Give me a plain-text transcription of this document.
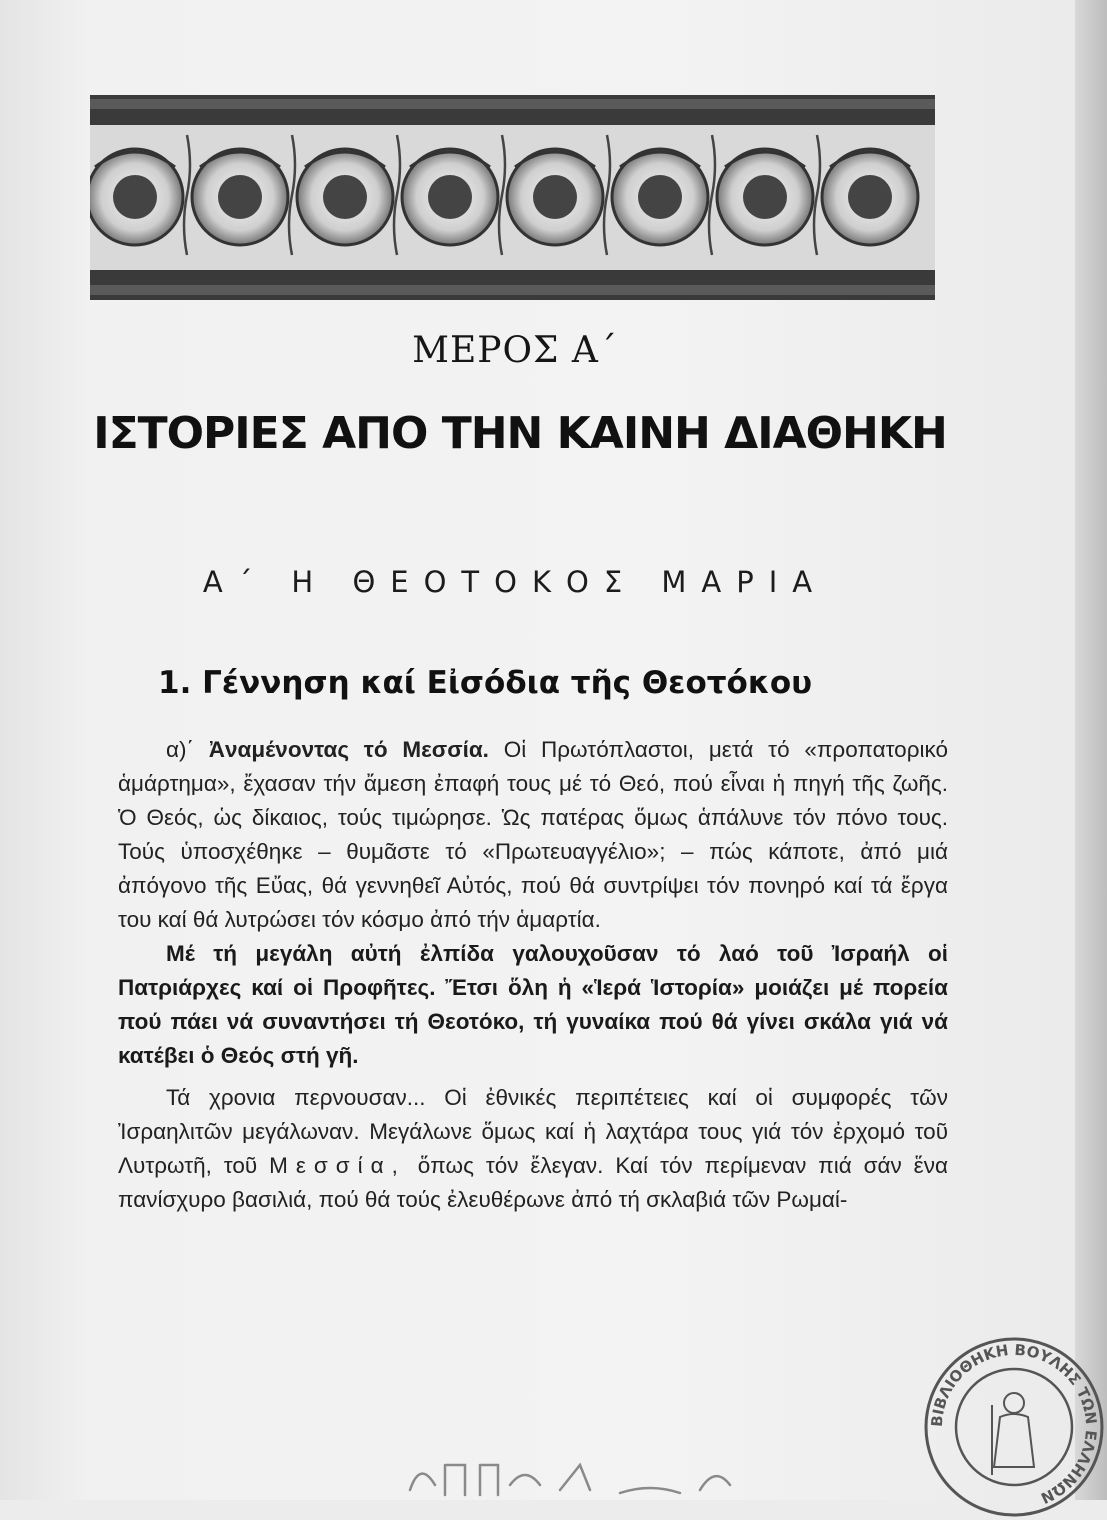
ΜΕΡΟΣ Α΄
ΙΣΤΟΡΙΕΣ ΑΠΟ ΤΗΝ ΚΑΙΝΗ ΔΙΑΘΗΚΗ
Α΄ Η ΘΕΟΤΟΚΟΣ ΜΑΡΙΑ
1. Γέννηση καί Εἰσόδια τῆς Θεοτόκου

α)΄ Ἀναμένοντας τό Μεσσία. Οἱ Πρωτόπλαστοι, μετά τό «προπατορικό ἁμάρτημα», ἔχασαν τήν ἄμεση ἐπαφή τους μέ τό Θεό, πού εἶναι ἡ πηγή τῆς ζωῆς. Ὁ Θεός, ὡς δίκαιος, τούς τιμώρησε. Ὡς πατέρας ὅμως ἁπάλυνε τόν πόνο τους. Τούς ὑποσχέθηκε – θυμᾶστε τό «Πρωτευαγγέλιο»; – πώς κάποτε, ἀπό μιά ἀπόγονο τῆς Εὔας, θά γεννηθεῖ Αὐτός, πού θά συντρίψει τόν πονηρό καί τά ἔργα του καί θά λυτρώσει τόν κόσμο ἀπό τήν ἁμαρτία.

Μέ τή μεγάλη αὐτή ἐλπίδα γαλουχοῦσαν τό λαό τοῦ Ἰσραήλ οἱ Πατριάρχες καί οἱ Προφῆτες. Ἔτσι ὅλη ἡ «Ἱερά Ἱστορία» μοιάζει μέ πορεία πού πάει νά συναντήσει τή Θεοτόκο, τή γυναίκα πού θά γίνει σκάλα γιά νά κατέβει ὁ Θεός στή γῆ.

Τά χρονια περνουσαν... Οἱ ἐθνικές περιπέτειες καί οἱ συμφορές τῶν Ἰσραηλιτῶν μεγάλωναν. Μεγάλωνε ὅμως καί ἡ λαχτάρα τους γιά τόν ἐρχομό τοῦ Λυτρωτῆ, τοῦ Μεσσία, ὅπως τόν ἔλεγαν. Καί τόν περίμεναν πιά σάν ἕνα πανίσχυρο βασιλιά, πού θά τούς ἐλευθέρωνε ἀπό τή σκλαβιά τῶν Ρωμαί-

ΒΙΒΛΙΟΘΗΚΗ ΒΟΥΛΗΣ ΤΩΝ ΕΛΛΗΝΩΝ
